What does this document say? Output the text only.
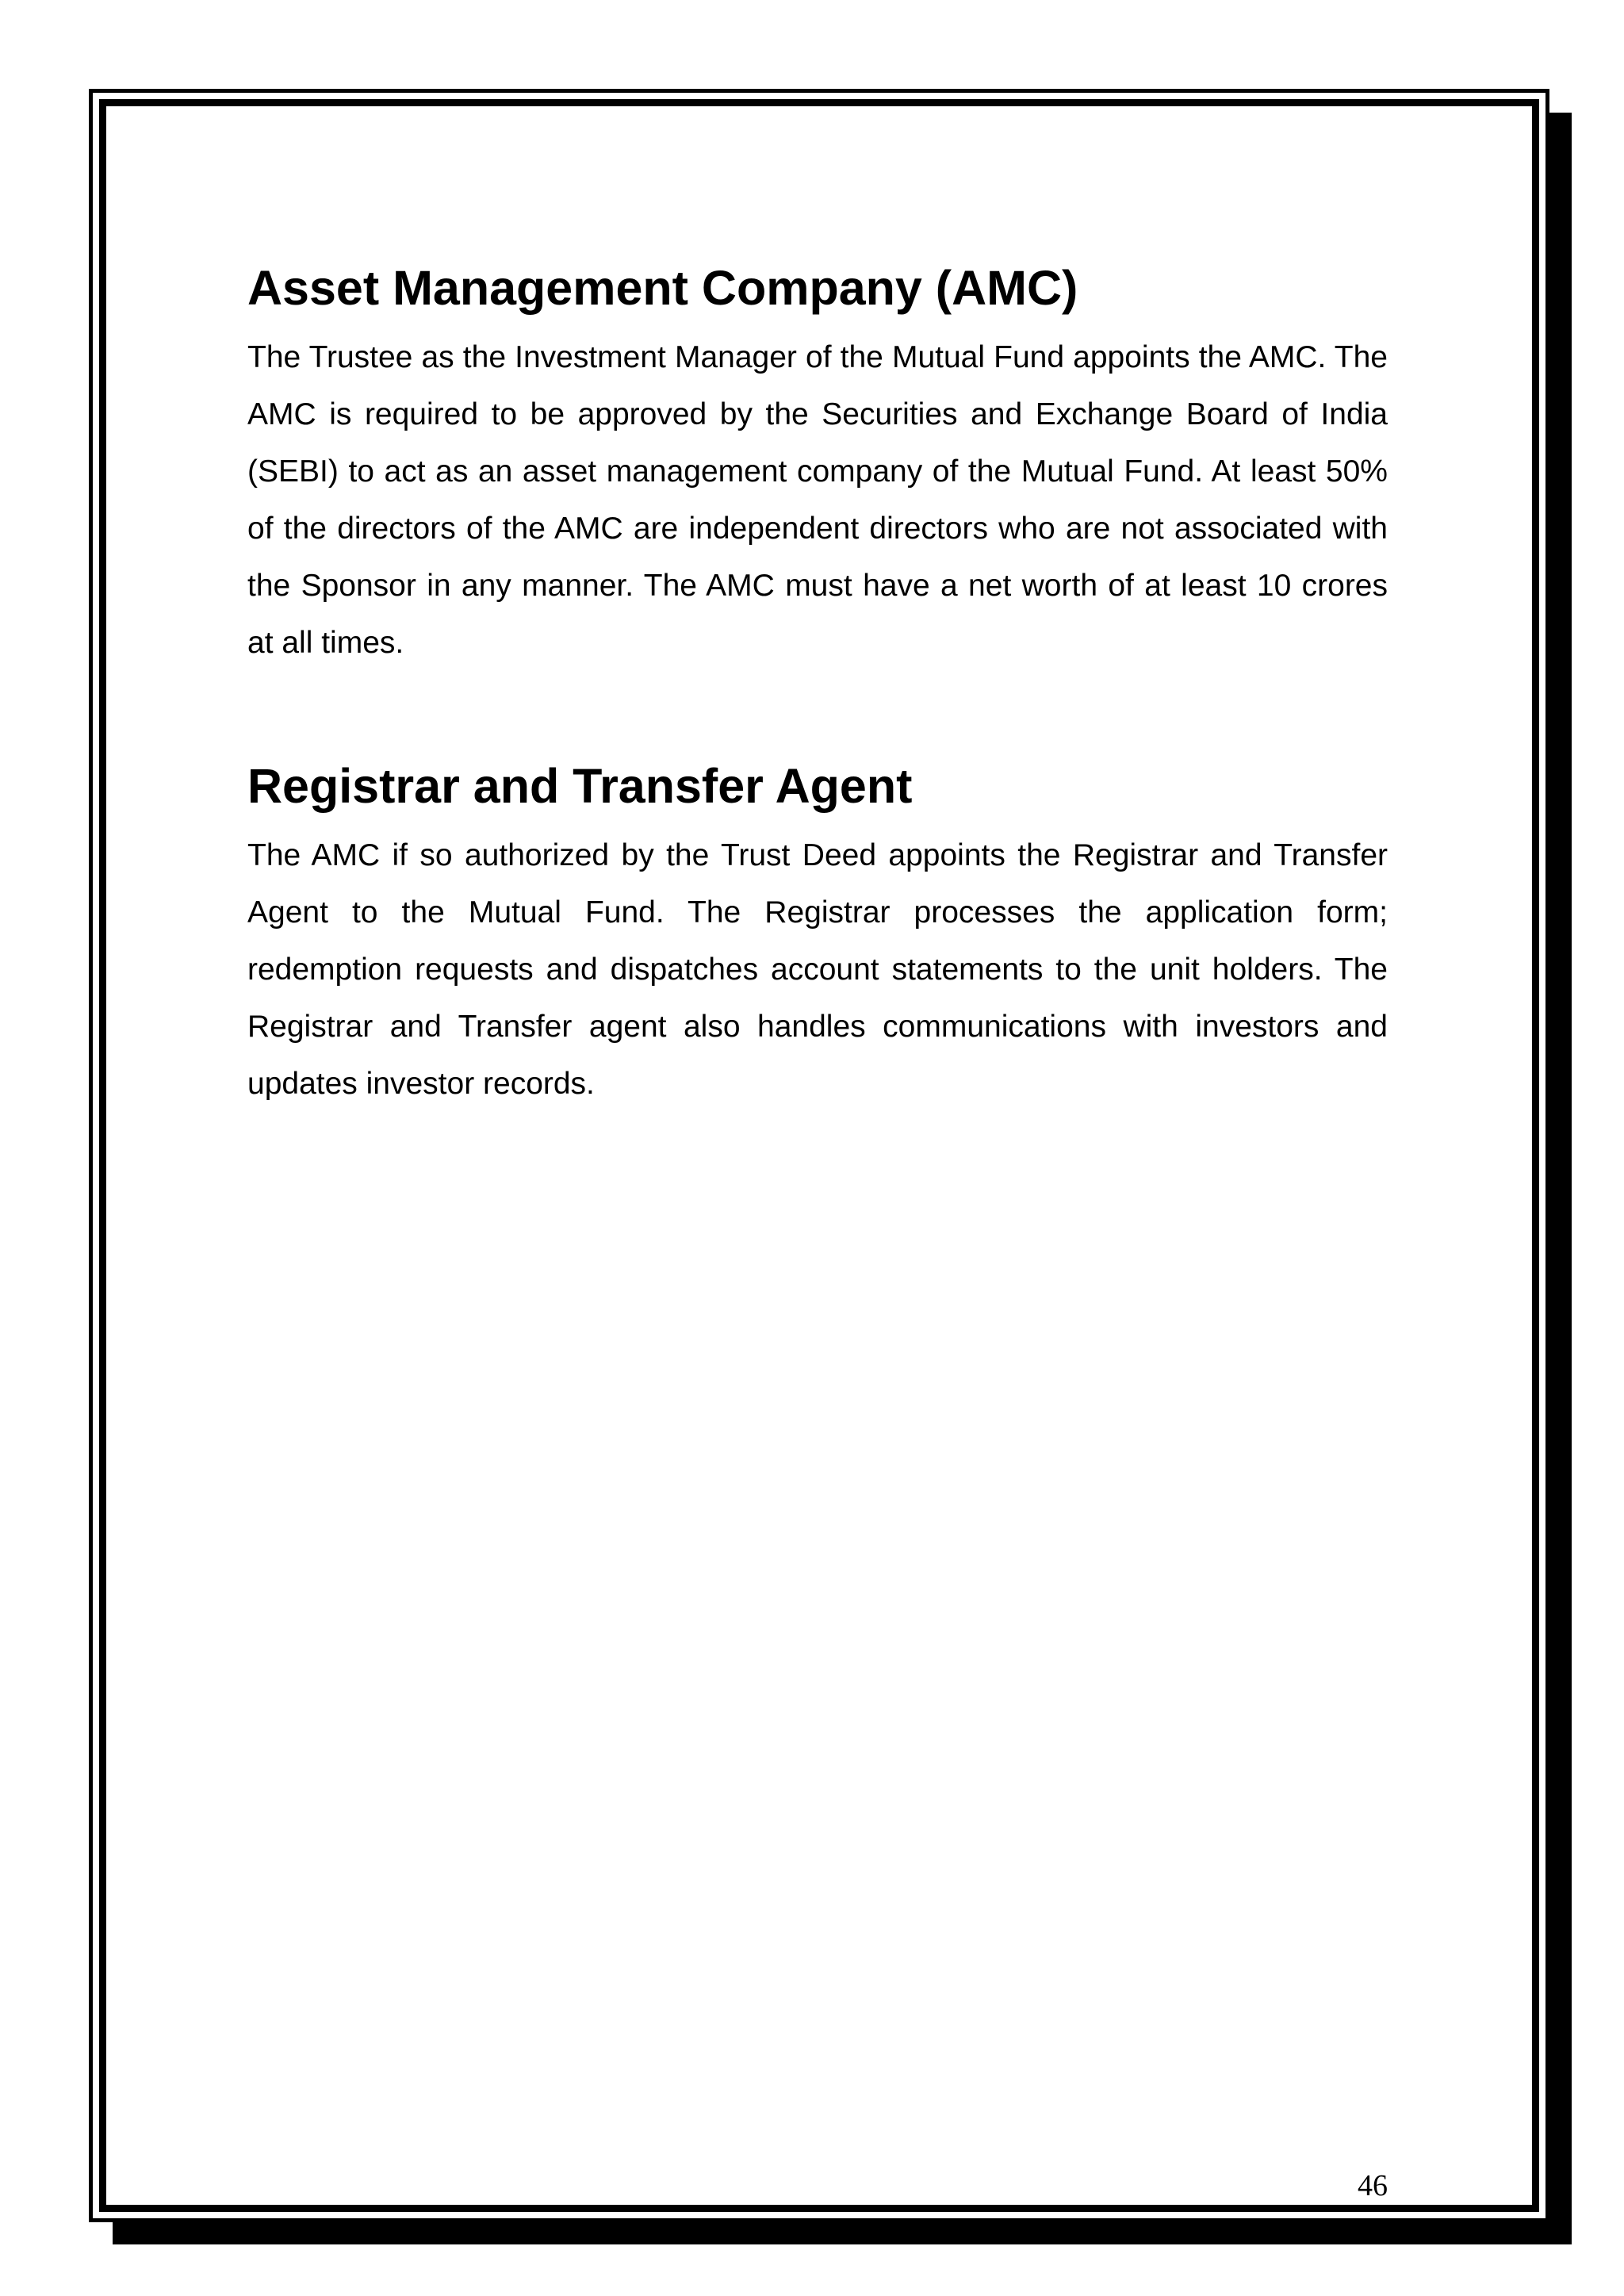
Asset Management Company (AMC)

The Trustee as the Investment Manager of the Mutual Fund appoints the AMC. The AMC is required to be approved by the Securities and Exchange Board of India (SEBI) to act as an asset management company of the Mutual Fund. At least 50% of the directors of the AMC are independent directors who are not associated with the Sponsor in any manner. The AMC must have a net worth of at least 10 crores at all times.

Registrar and Transfer Agent

The AMC if so authorized by the Trust Deed appoints the Registrar and Transfer Agent to the Mutual Fund. The Registrar processes the application form; redemption requests and dispatches account statements to the unit holders. The Registrar and Transfer agent also handles communications with investors and updates investor records.

46
